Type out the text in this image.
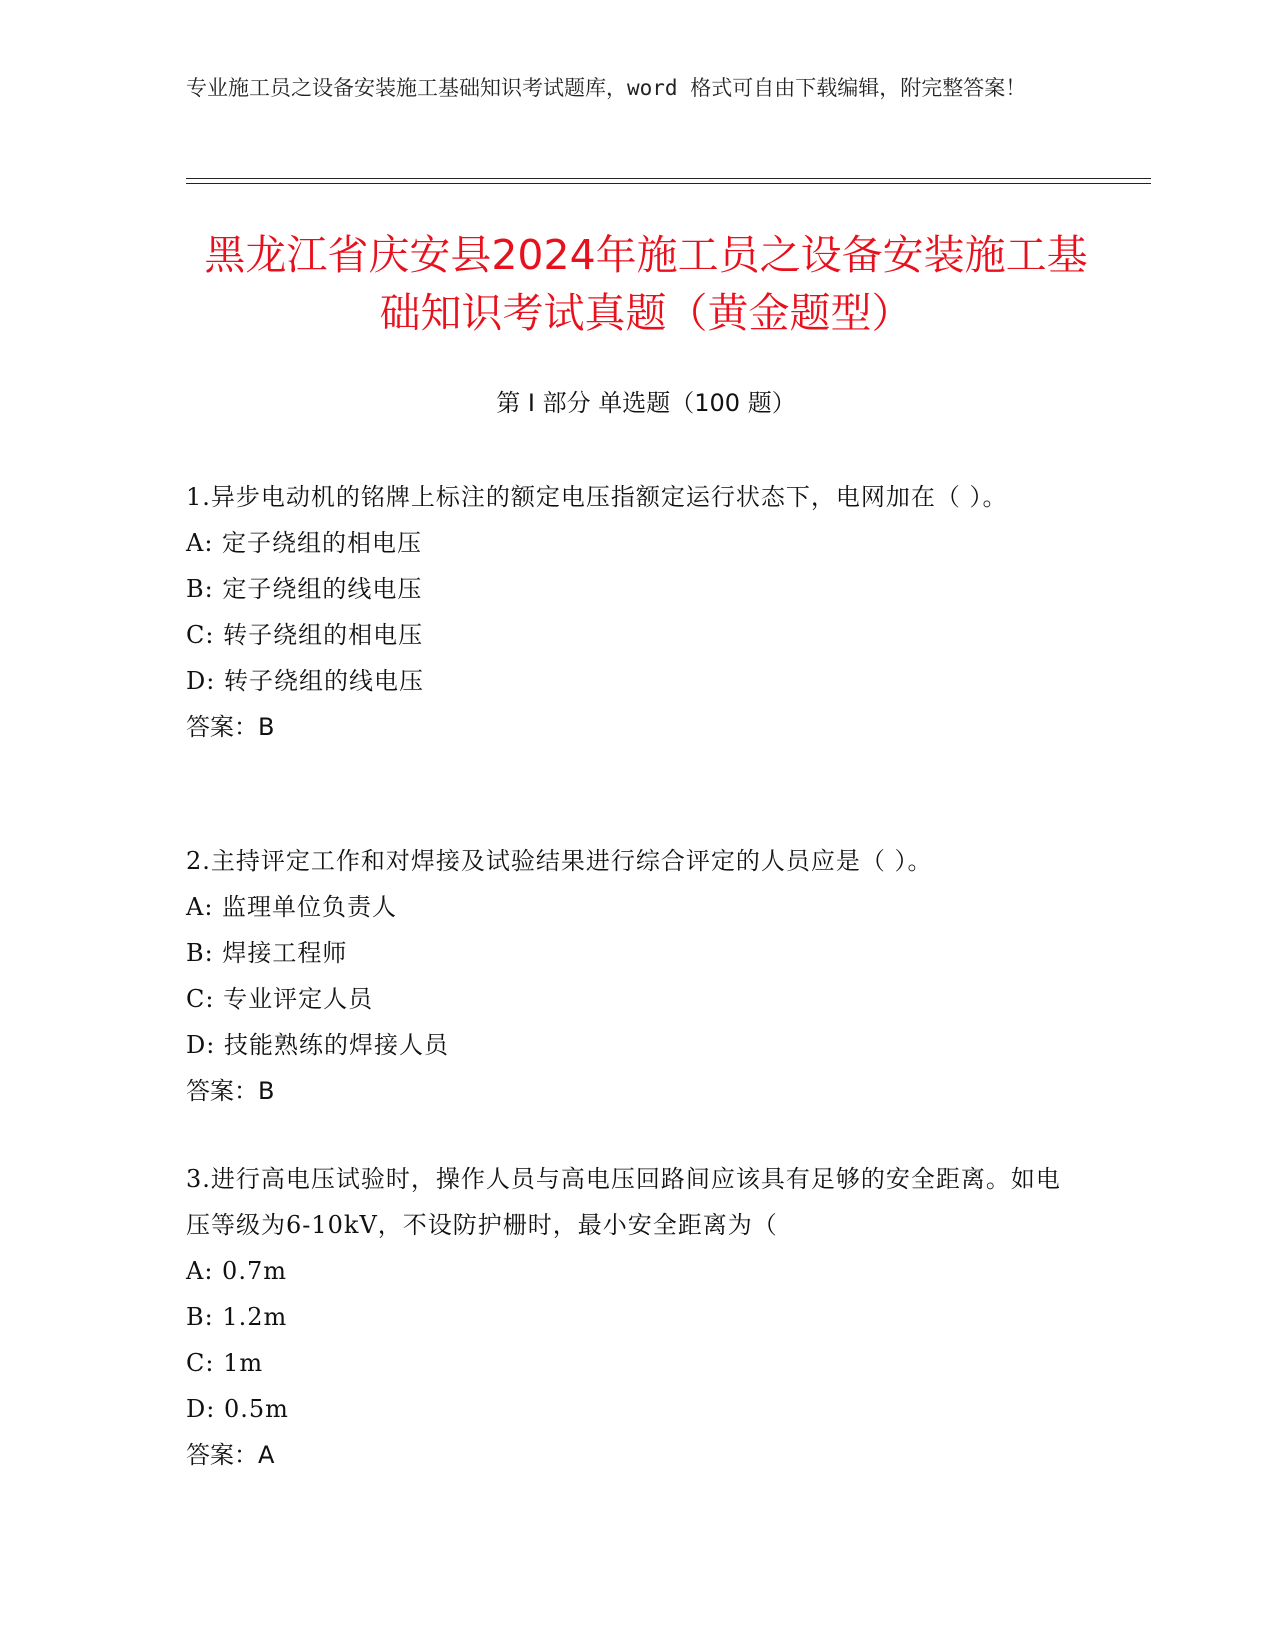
专业施工员之设备安装施工基础知识考试题库，word 格式可自由下载编辑，附完整答案！
黑龙江省庆安县2024年施工员之设备安装施工基础知识考试真题（黄金题型）
第 I 部分 单选题（100 题）
1.异步电动机的铭牌上标注的额定电压指额定运行状态下，电网加在（ ）。
A: 定子绕组的相电压
B: 定子绕组的线电压
C: 转子绕组的相电压
D: 转子绕组的线电压
答案：B
2.主持评定工作和对焊接及试验结果进行综合评定的人员应是（ ）。
A: 监理单位负责人
B: 焊接工程师
C: 专业评定人员
D: 技能熟练的焊接人员
答案：B
3.进行高电压试验时，操作人员与高电压回路间应该具有足够的安全距离。如电压等级为6-10kV，不设防护栅时，最小安全距离为（
A: 0.7m
B: 1.2m
C: 1m
D: 0.5m
答案：A
